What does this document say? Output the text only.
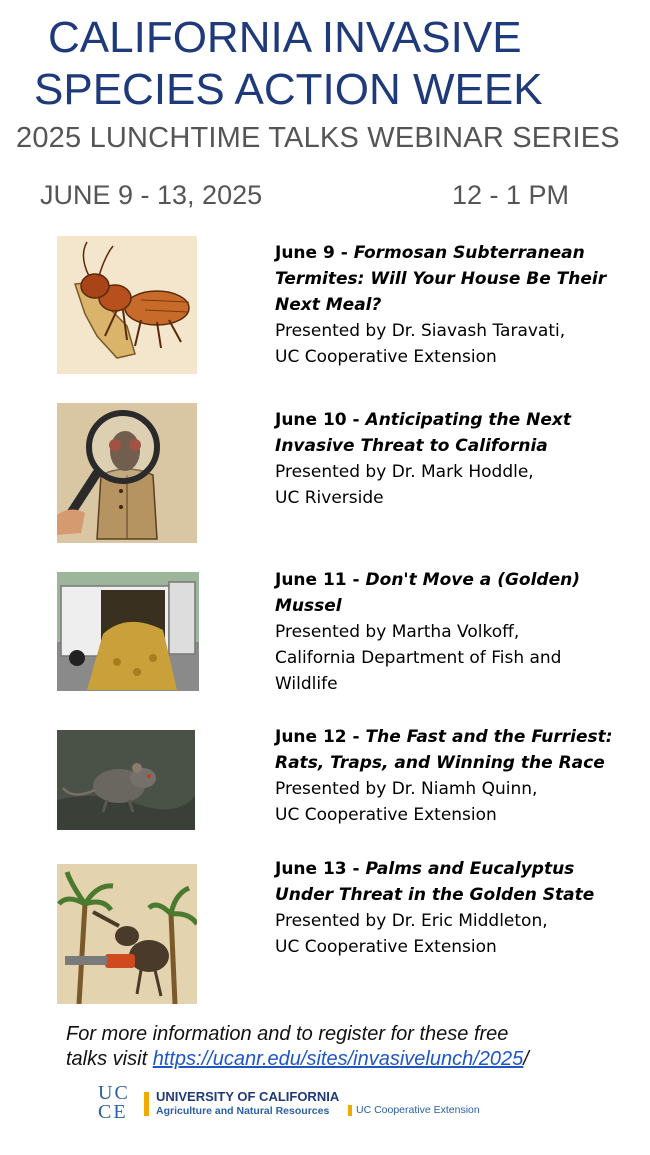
CALIFORNIA INVASIVE
SPECIES ACTION WEEK
2025 LUNCHTIME TALKS WEBINAR SERIES
JUNE 9 - 13, 2025	12 - 1 PM
June 9 - Formosan Subterranean
Termites: Will Your House Be Their
Next Meal?
Presented by Dr. Siavash Taravati,
UC Cooperative Extension
June 10 - Anticipating the Next
Invasive Threat to California
Presented by Dr. Mark Hoddle,
UC Riverside
June 11 - Don't Move a (Golden)
Mussel
Presented by Martha Volkoff,
California Department of Fish and
Wildlife
June 12 - The Fast and the Furriest:
Rats, Traps, and Winning the Race
Presented by Dr. Niamh Quinn,
UC Cooperative Extension
June 13 - Palms and Eucalyptus
Under Threat in the Golden State
Presented by Dr. Eric Middleton,
UC Cooperative Extension
For more information and to register for these free
talks visit https://ucanr.edu/sites/invasivelunch/2025/
UC
CE
UNIVERSITY OF CALIFORNIA
Agriculture and Natural Resources	UC Cooperative Extension
